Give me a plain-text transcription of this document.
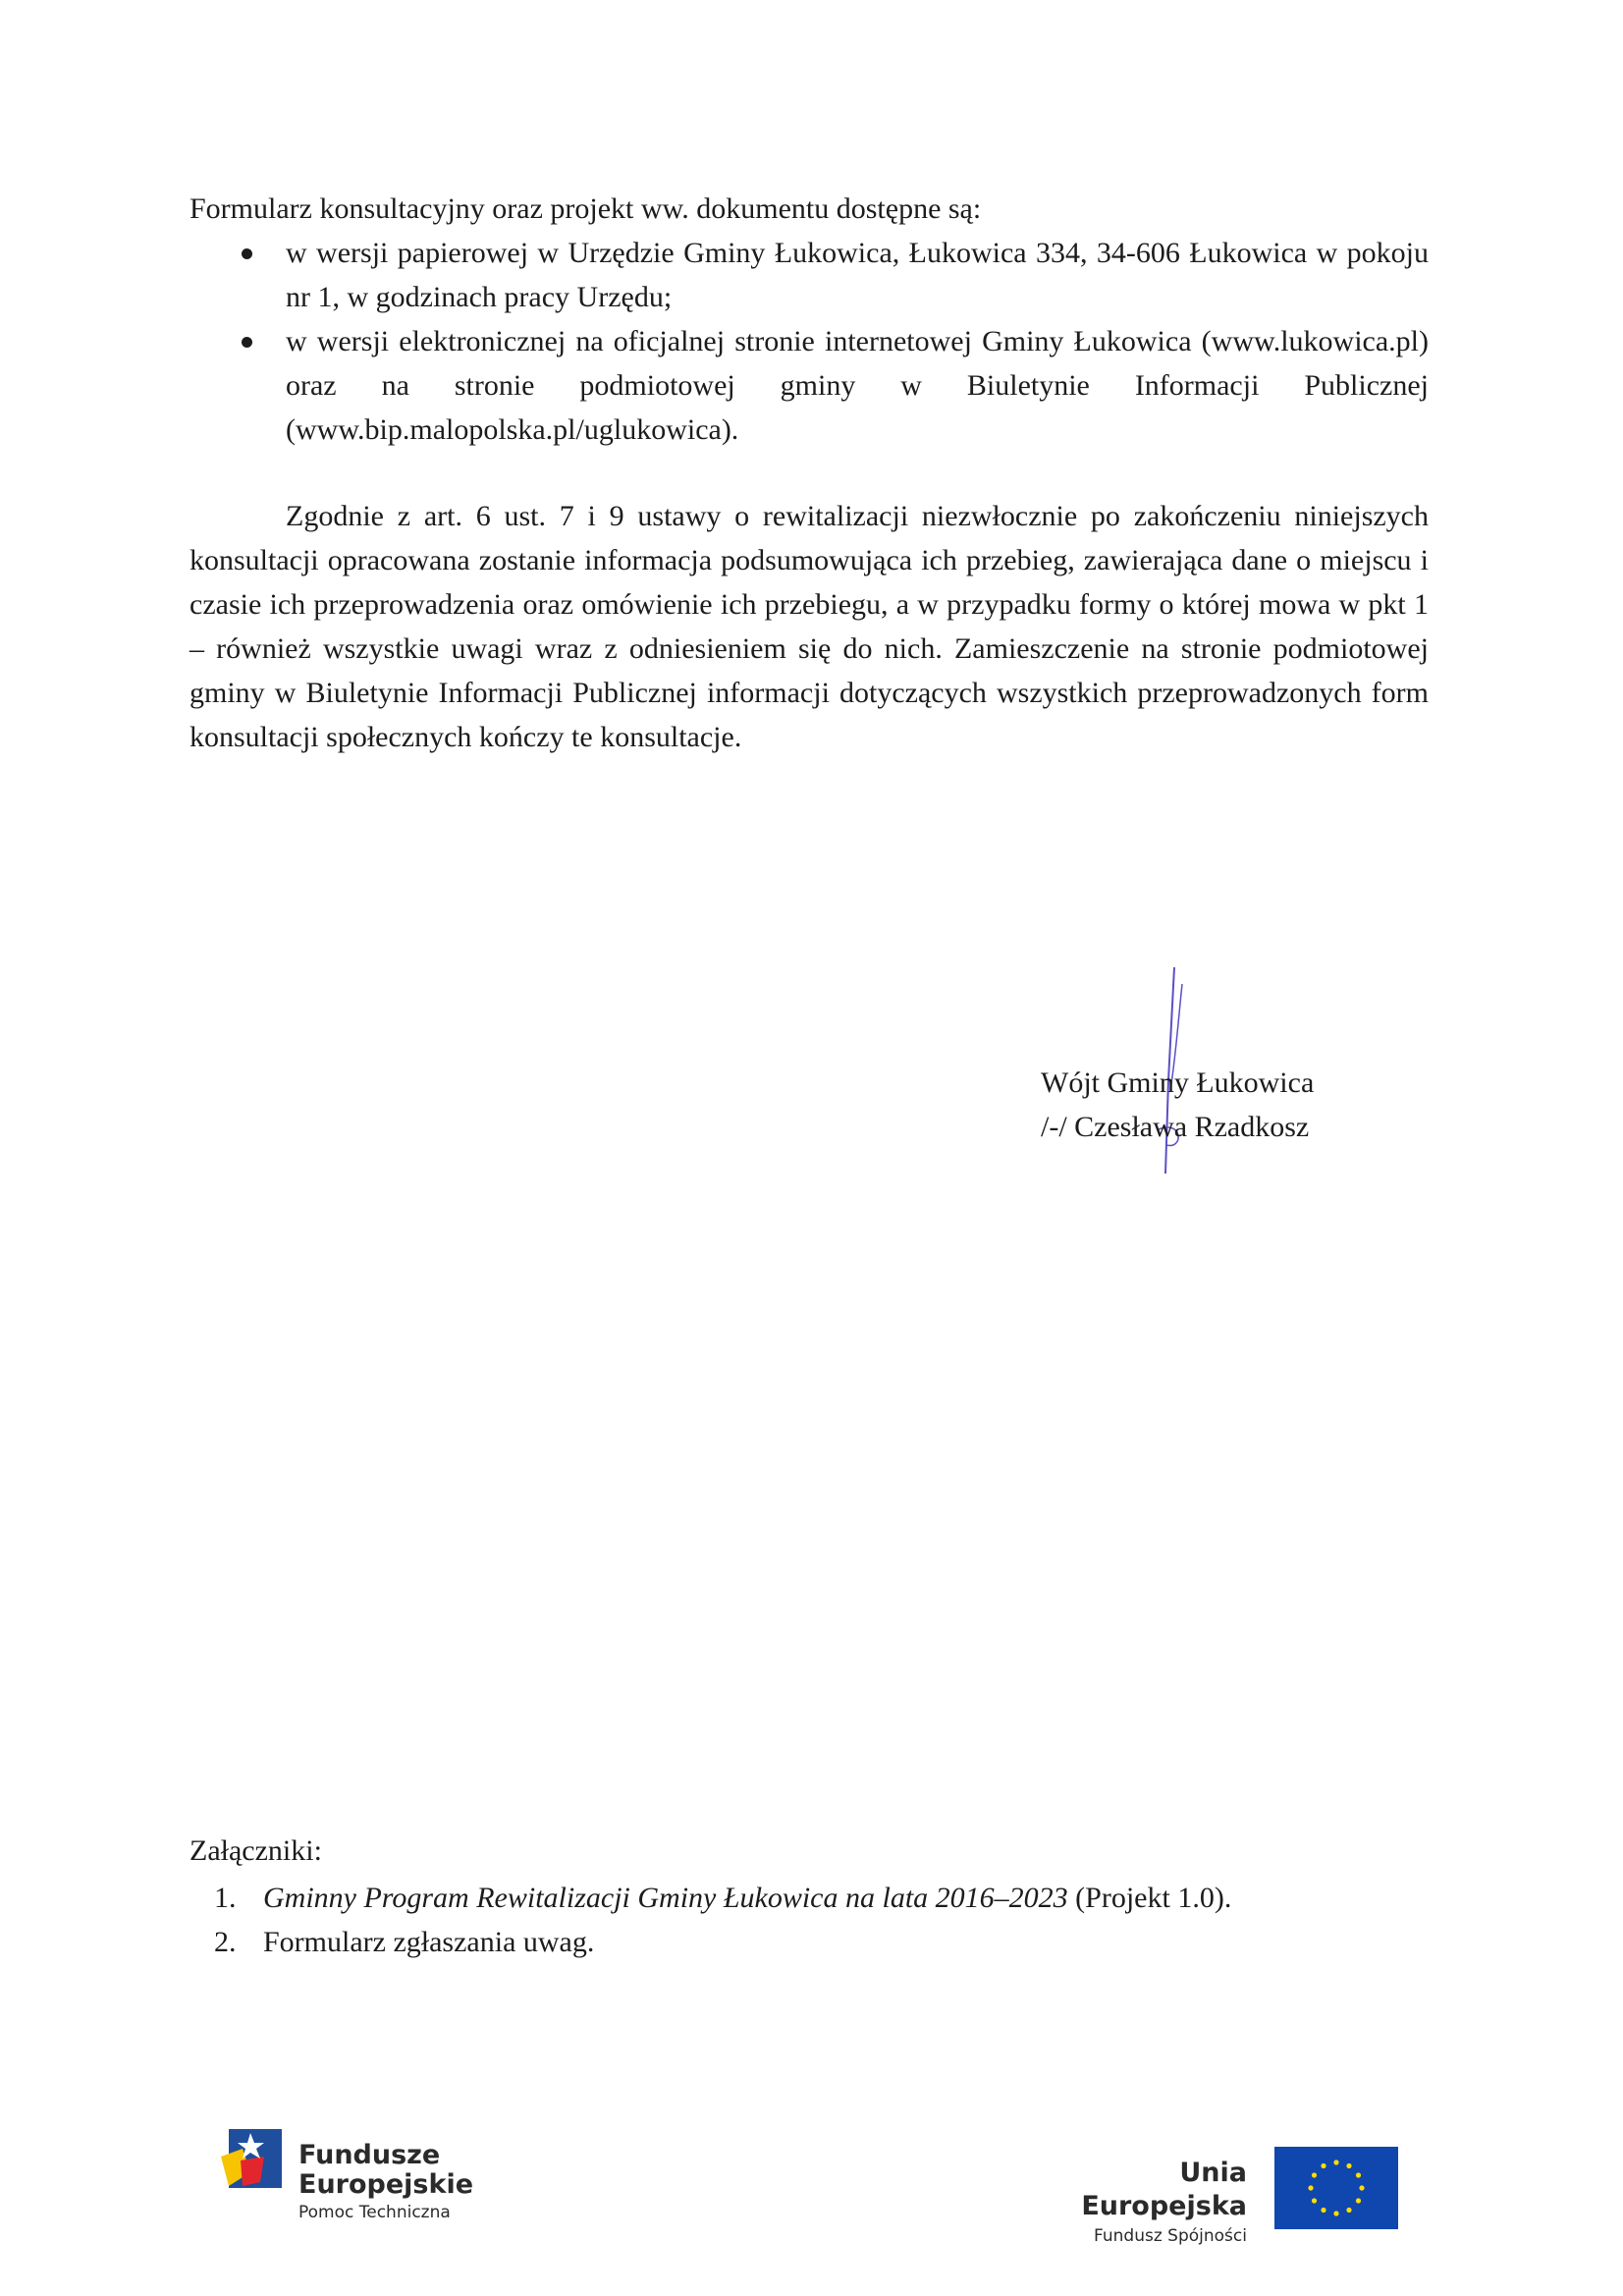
Formularz konsultacyjny oraz projekt ww. dokumentu dostępne są:
w wersji papierowej w Urzędzie Gminy Łukowica, Łukowica 334, 34-606 Łukowica w pokoju nr 1, w godzinach pracy Urzędu;
w wersji elektronicznej na oficjalnej stronie internetowej Gminy Łukowica (www.lukowica.pl) oraz na stronie podmiotowej gminy w Biuletynie Informacji Publicznej (www.bip.malopolska.pl/uglukowica).

Zgodnie z art. 6 ust. 7 i 9 ustawy o rewitalizacji niezwłocznie po zakończeniu niniejszych konsultacji opracowana zostanie informacja podsumowująca ich przebieg, zawierająca dane o miejscu i czasie ich przeprowadzenia oraz omówienie ich przebiegu, a w przypadku formy o której mowa w pkt 1 – również wszystkie uwagi wraz z odniesieniem się do nich. Zamieszczenie na stronie podmiotowej gminy w Biuletynie Informacji Publicznej informacji dotyczących wszystkich przeprowadzonych form konsultacji społecznych kończy te konsultacje.

Wójt Gminy Łukowica
/-/ Czesława Rzadkosz
Załączniki:
1. Gminny Program Rewitalizacji Gminy Łukowica na lata 2016–2023 (Projekt 1.0).
2. Formularz zgłaszania uwag.
Fundusze
Europejskie
Pomoc Techniczna
Unia Europejska
Fundusz Spójności
